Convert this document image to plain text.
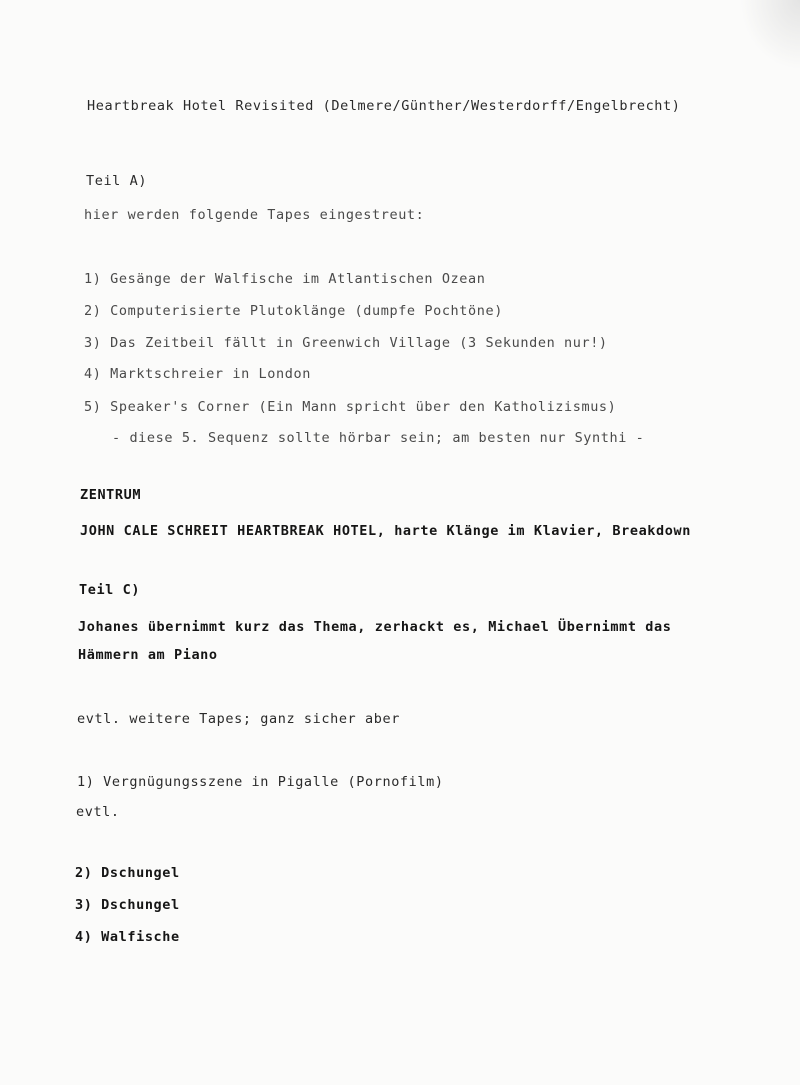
Heartbreak Hotel Revisited (Delmere/Günther/Westerdorff/Engelbrecht)
Teil A)
hier werden folgende Tapes eingestreut:
1) Gesänge der Walfische im Atlantischen Ozean
2) Computerisierte Plutoklänge (dumpfe Pochtöne)
3) Das Zeitbeil fällt in Greenwich Village (3 Sekunden nur!)
4) Marktschreier in London
5) Speaker's Corner (Ein Mann spricht über den Katholizismus)
- diese 5. Sequenz sollte hörbar sein; am besten nur Synthi -
ZENTRUM
JOHN CALE SCHREIT HEARTBREAK HOTEL, harte Klänge im Klavier, Breakdown
Teil C)
Johanes übernimmt kurz das Thema, zerhackt es, Michael Übernimmt das
Hämmern am Piano
evtl. weitere Tapes; ganz sicher aber
1) Vergnügungsszene in Pigalle (Pornofilm)
evtl.
2) Dschungel
3) Dschungel
4) Walfische
